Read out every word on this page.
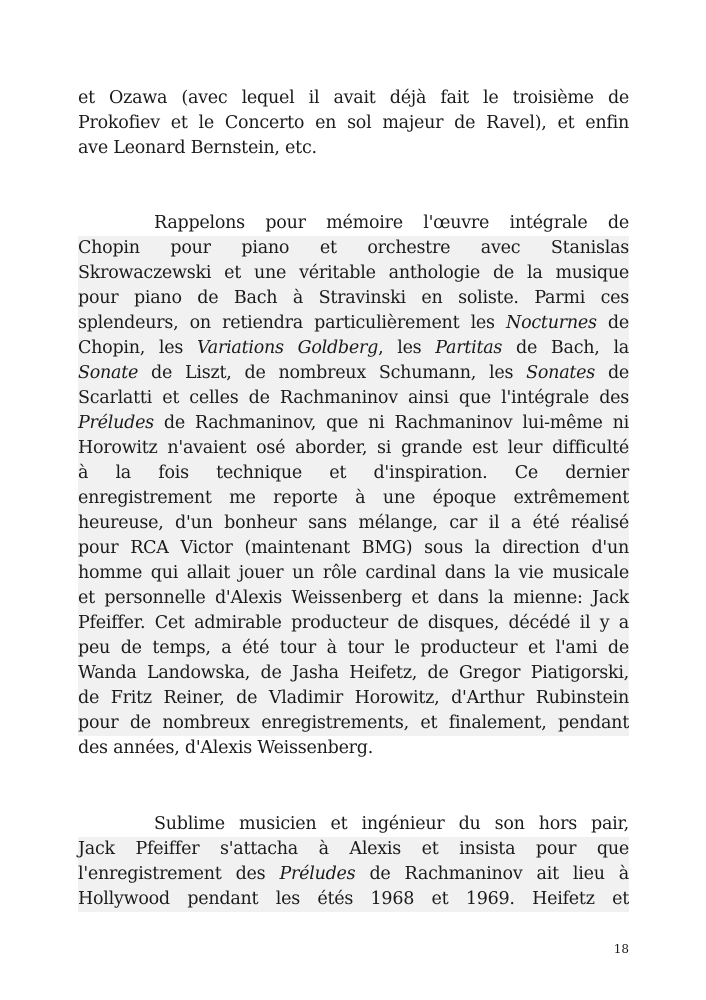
et Ozawa (avec lequel il avait déjà fait le troisième de
Prokofiev et le Concerto en sol majeur de Ravel), et enfin
ave Leonard Bernstein, etc.
Rappelons pour mémoire l'œuvre intégrale de
Chopin pour piano et orchestre avec Stanislas
Skrowaczewski et une véritable anthologie de la musique
pour piano de Bach à Stravinski en soliste. Parmi ces
splendeurs, on retiendra particulièrement les Nocturnes de
Chopin, les Variations Goldberg, les Partitas de Bach, la
Sonate de Liszt, de nombreux Schumann, les Sonates de
Scarlatti et celles de Rachmaninov ainsi que l'intégrale des
Préludes de Rachmaninov, que ni Rachmaninov lui-même ni
Horowitz n'avaient osé aborder, si grande est leur difficulté
à la fois technique et d'inspiration. Ce dernier
enregistrement me reporte à une époque extrêmement
heureuse, d'un bonheur sans mélange, car il a été réalisé
pour RCA Victor (maintenant BMG) sous la direction d'un
homme qui allait jouer un rôle cardinal dans la vie musicale
et personnelle d'Alexis Weissenberg et dans la mienne: Jack
Pfeiffer. Cet admirable producteur de disques, décédé il y a
peu de temps, a été tour à tour le producteur et l'ami de
Wanda Landowska, de Jasha Heifetz, de Gregor Piatigorski,
de Fritz Reiner, de Vladimir Horowitz, d'Arthur Rubinstein
pour de nombreux enregistrements, et finalement, pendant
des années, d'Alexis Weissenberg.
Sublime musicien et ingénieur du son hors pair,
Jack Pfeiffer s'attacha à Alexis et insista pour que
l'enregistrement des Préludes de Rachmaninov ait lieu à
Hollywood pendant les étés 1968 et 1969. Heifetz et
18
